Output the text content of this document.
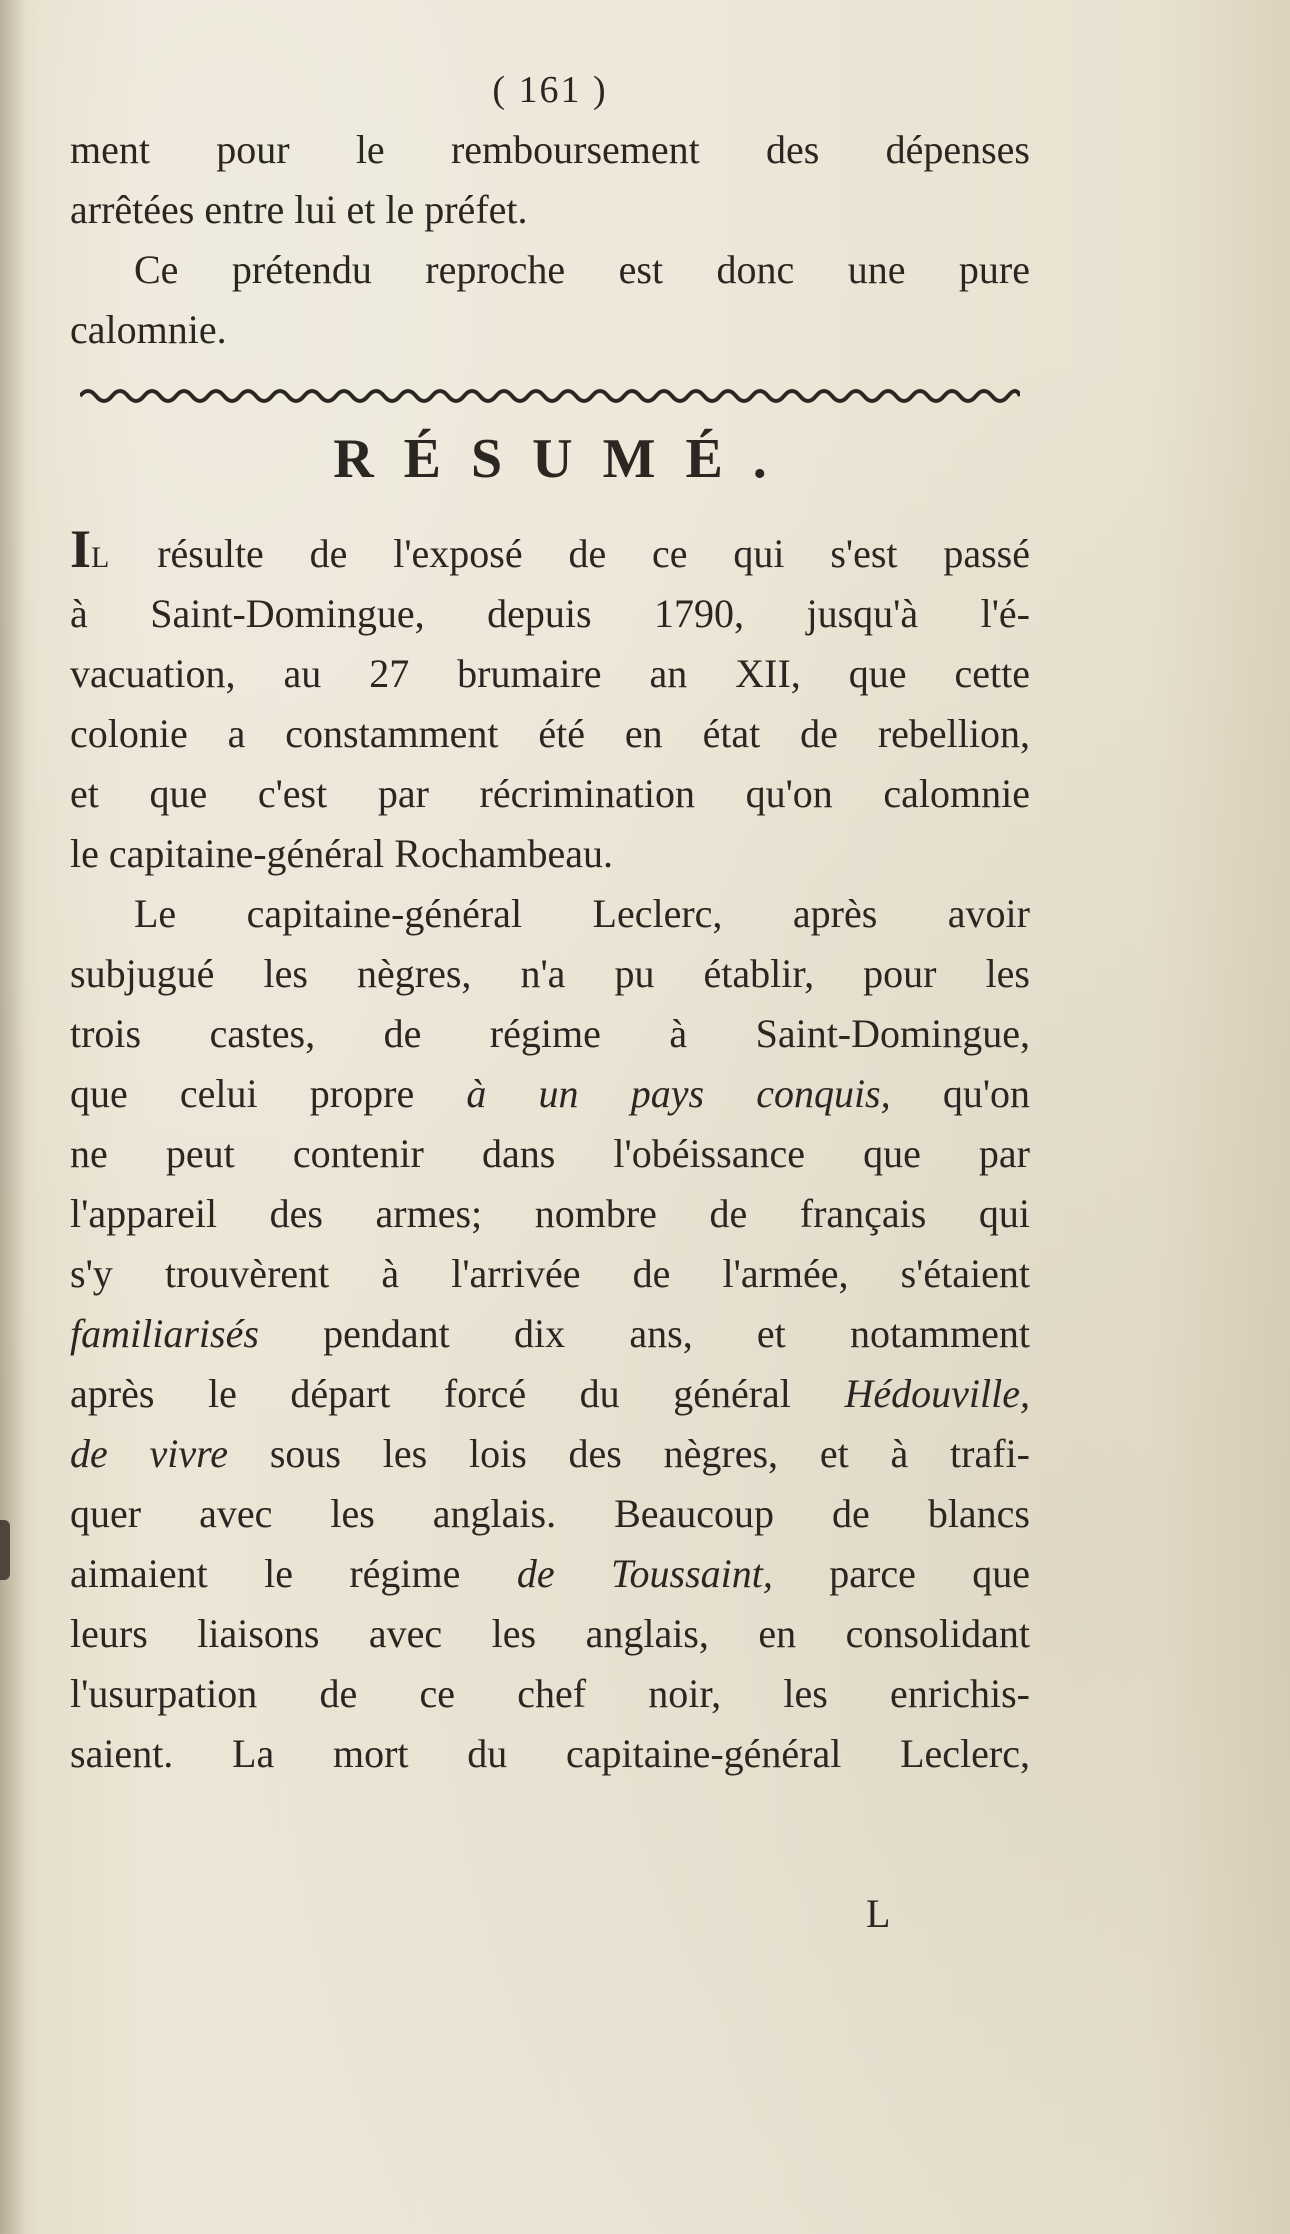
( 161 )
ment pour le remboursement des dépenses
arrêtées entre lui et le préfet.
Ce prétendu reproche est donc une pure
calomnie.
RÉSUMÉ.
IL résulte de l'exposé de ce qui s'est passé
à Saint-Domingue, depuis 1790, jusqu'à l'é-
vacuation, au 27 brumaire an XII, que cette
colonie a constamment été en état de rebellion,
et que c'est par récrimination qu'on calomnie
le capitaine-général Rochambeau.
Le capitaine-général Leclerc, après avoir
subjugué les nègres, n'a pu établir, pour les
trois castes, de régime à Saint-Domingue,
que celui propre à un pays conquis, qu'on
ne peut contenir dans l'obéissance que par
l'appareil des armes; nombre de français qui
s'y trouvèrent à l'arrivée de l'armée, s'étaient
familiarisés pendant dix ans, et notamment
après le départ forcé du général Hédouville,
de vivre sous les lois des nègres, et à trafi-
quer avec les anglais. Beaucoup de blancs
aimaient le régime de Toussaint, parce que
leurs liaisons avec les anglais, en consolidant
l'usurpation de ce chef noir, les enrichis-
saient. La mort du capitaine-général Leclerc,
L
